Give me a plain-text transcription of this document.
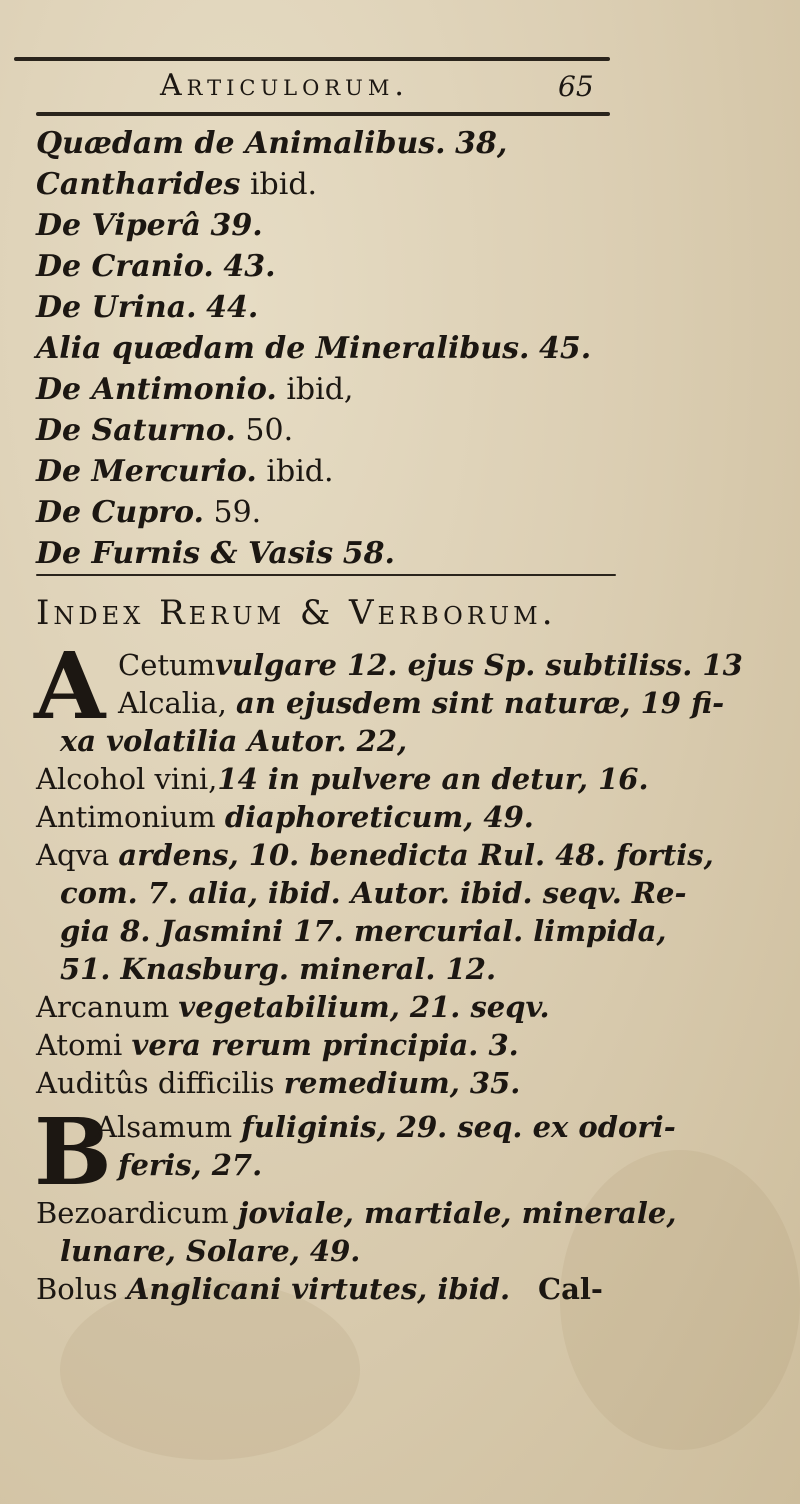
Articulorum.	65
Quædam de Animalibus. 38,
Cantharides ibid.
De Viperâ 39.
De Cranio. 43.
De Urina. 44.
Alia quædam de Mineralibus. 45.
De Antimonio. ibid,
De Saturno. 50.
De Mercurio. ibid.
De Cupro. 59.
De Furnis & Vasis 58.
Index Rerum & Verborum.
A Cetumvulgare 12. ejus Sp. subtiliss. 13
Alcalia, an ejusdem sint naturæ, 19 fi-
xa volatilia Autor. 22,
Alcohol vini,14 in pulvere an detur, 16.
Antimonium diaphoreticum, 49.
Aqva ardens, 10. benedicta Rul. 48. fortis,
com. 7. alia, ibid. Autor. ibid. seqv. Re-
gia 8. Jasmini 17. mercurial. limpida,
51. Knasburg. mineral. 12.
Arcanum vegetabilium, 21. seqv.
Atomi vera rerum principia. 3.
Auditûs difficilis remedium, 35.
B
Alsamum fuliginis, 29. seq. ex odori-
feris, 27.
Bezoardicum joviale, martiale, minerale,
lunare, Solare, 49.
Bolus Anglicani virtutes, ibid. Cal-
